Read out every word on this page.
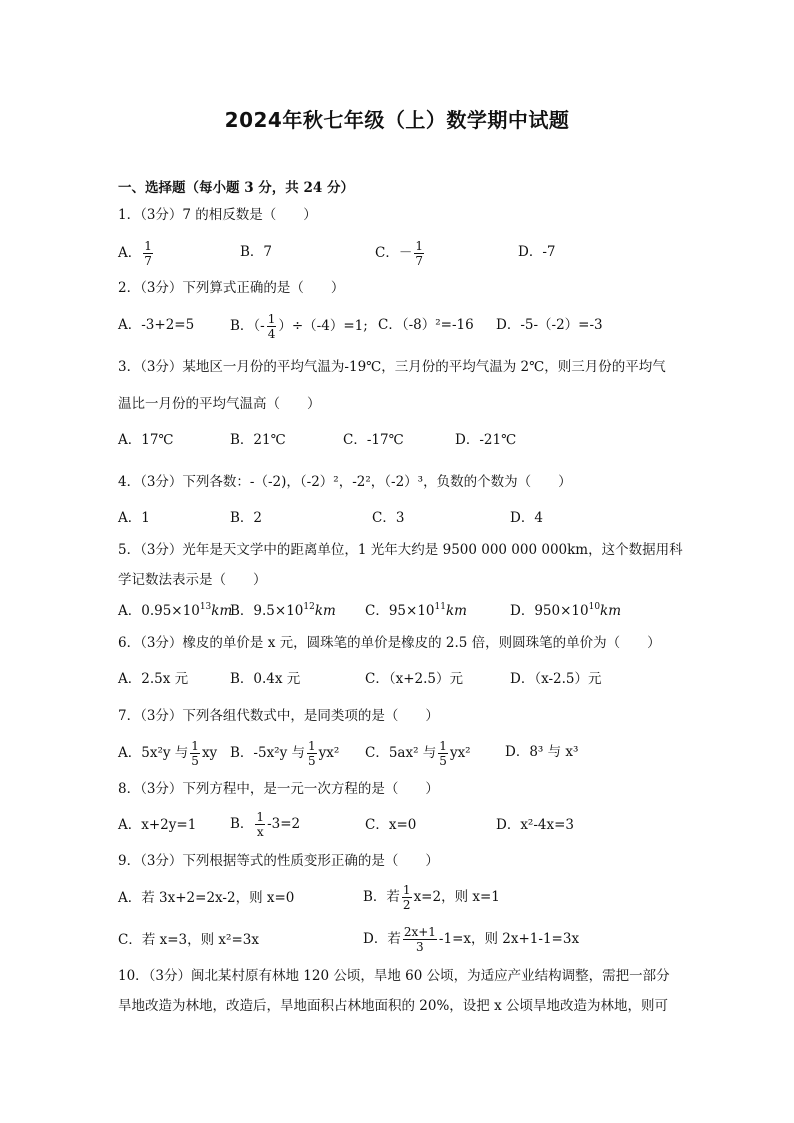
2024年秋七年级（上）数学期中试题
一、选择题（每小题 3 分，共 24 分）
1．（3分）7 的相反数是（　　）
A． $\frac{1}{7}$	B．7	C．－ $\frac{1}{7}$	D．-7
2．（3分）下列算式正确的是（　　）
A．-3+2=5	B．（- $\frac{1}{4} )\div(-4)=1$; C．（-8）²=-16 D．-5-（-2）=-3
3．（3分）某地区一月份的平均气温为-19℃，三月份的平均气温为 2℃，则三月份的平均气
温比一月份的平均气温高（　　）
A．17℃	B．21℃	C．-17℃	D．-21℃
4．（3分）下列各数：-（-2)，（-2）²，-2²，（-2）³，负数的个数为（　　）
A．1	B．2	C．3	D．4
5．（3分）光年是天文学中的距离单位，1 光年大约是 9500 000 000 000km，这个数据用科
学记数法表示是（　　）
A．$0.95\times 10^{13}km$
B．$9.5\times 10^{12}km$ C．$95\times 10^{11}km$	D．$950\times 10^{10}km$
6．（3分）橡皮的单价是 x 元，圆珠笔的单价是橡皮的 2.5 倍，则圆珠笔的单价为（　　）
A．2.5x 元	B．0.4x 元	C．（x+2.5）元	D．（x-2.5）元
7．（3分）下列各组代数式中，是同类项的是（　　）
A．5x²y 与 $\frac{1}{5}$ xy B．-5x²y 与 $\frac{1}{5} yx^2$ C．5ax² 与 $\frac{1}{5} yx^2$	D．8³ 与 x³
8．（3分）下列方程中，是一元一次方程的是（　　）
A．x+2y=1 B． $\frac{1}{x} -3=2$	C．x=0	D．x²-4x=3
9．（3分）下列根据等式的性质变形正确的是（　　）
A．若 3x+2=2x-2，则 x=0	B．若 $\frac{1}{2} x=2$，则 x=1
C．若 x=3，则 x²=3x	D．若 $\frac{2x+1}{3} -1=x$，则 2x+1-1=3x
10．（3分）闽北某村原有林地 120 公顷，旱地 60 公顷，为适应产业结构调整，需把一部分
旱地改造为林地，改造后，旱地面积占林地面积的 20%，设把 x 公顷旱地改造为林地，则可
